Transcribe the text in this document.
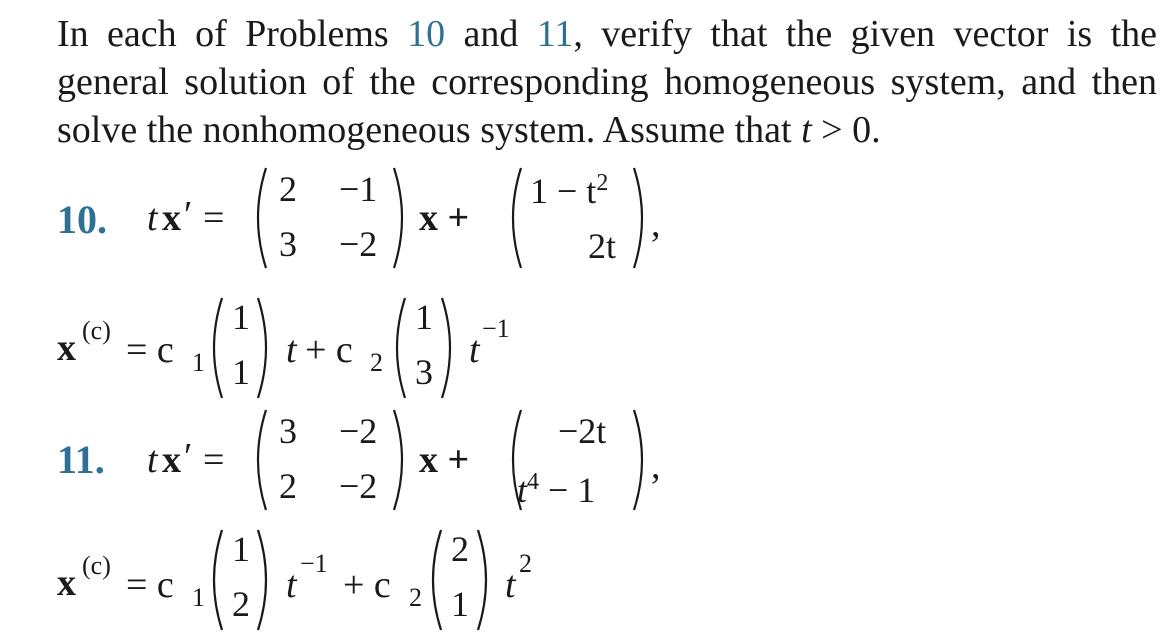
In each of Problems 10 and 11, verify that the given vector is the
general solution of the corresponding homogeneous system, and then
solve the nonhomogeneous system. Assume that t > 0.
10. t x ′ =
2 −1
3 −2
x +
$1 - t^2$
2t
,
x (c) = c 1
1
1
t + c 2
1
3
t
−1
11. t x ′ =
3 −2
2 −2
x +
−2t
$t^4 - 1$
,
x (c) = c 1
1
2 t
−1
+ c 2
2
1 t
2
